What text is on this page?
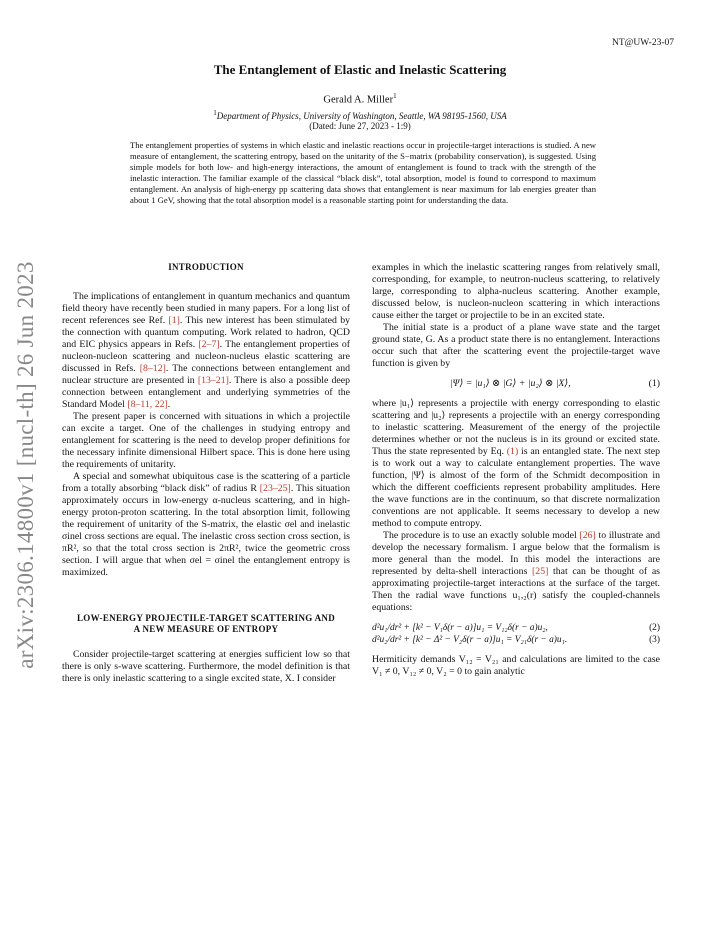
NT@UW-23-07
arXiv:2306.14800v1 [nucl-th] 26 Jun 2023
The Entanglement of Elastic and Inelastic Scattering
Gerald A. Miller$^1$
$^1$Department of Physics, University of Washington, Seattle, WA 98195-1560, USA
(Dated: June 27, 2023 - 1:9)
The entanglement properties of systems in which elastic and inelastic reactions occur in projectile-target interactions is studied. A new measure of entanglement, the scattering entropy, based on the unitarity of the S−matrix (probability conservation), is suggested. Using simple models for both low- and high-energy interactions, the amount of entanglement is found to track with the strength of the inelastic interaction. The familiar example of the classical “black disk”, total absorption, model is found to correspond to maximum entanglement. An analysis of high-energy pp scattering data shows that entanglement is near maximum for lab energies greater than about 1 GeV, showing that the total absorption model is a reasonable starting point for understanding the data.
INTRODUCTION

The implications of entanglement in quantum mechanics and quantum field theory have recently been studied in many papers. For a long list of recent references see Ref. [1]. This new interest has been stimulated by the connection with quantum computing. Work related to hadron, QCD and EIC physics appears in Refs. [2–7]. The entanglement properties of nucleon-nucleon scattering and nucleon-nucleus elastic scattering are discussed in Refs. [8–12]. The connections between entanglement and nuclear structure are presented in [13–21]. There is also a possible deep connection between entanglement and underlying symmetries of the Standard Model [8–11, 22].

The present paper is concerned with situations in which a projectile can excite a target. One of the challenges in studying entropy and entanglement for scattering is the need to develop proper definitions for the necessary infinite dimensional Hilbert space. This is done here using the requirements of unitarity.

A special and somewhat ubiquitous case is the scattering of a particle from a totally absorbing “black disk” of radius R [23–25]. This situation approximately occurs in low-energy α-nucleus scattering, and in high-energy proton-proton scattering. In the total absorption limit, following the requirement of unitarity of the S-matrix, the elastic σel and inelastic σinel cross sections are equal. The inelastic cross section cross section, is πR², so that the total cross section is 2πR², twice the geometric cross section. I will argue that when σel = σinel the entanglement entropy is maximized.

LOW-ENERGY PROJECTILE-TARGET SCATTERING AND A NEW MEASURE OF ENTROPY

Consider projectile-target scattering at energies sufficient low so that there is only s-wave scattering. Furthermore, the model definition is that there is only inelastic scattering to a single excited state, X. I consider

examples in which the inelastic scattering ranges from relatively small, corresponding, for example, to neutron-nucleus scattering, to relatively large, corresponding to alpha-nucleus scattering. Another example, discussed below, is nucleon-nucleon scattering in which interactions cause either the target or projectile to be in an excited state.

The initial state is a product of a plane wave state and the target ground state, G. As a product state there is no entanglement. Interactions occur such that after the scattering event the projectile-target wave function is given by

|Ψ⟩ = |u₁⟩ ⊗ |G⟩ + |u₂⟩ ⊗ |X⟩,	(1)

where |u₁⟩ represents a projectile with energy corresponding to elastic scattering and |u₂⟩ represents a projectile with an energy corresponding to inelastic scattering. Measurement of the energy of the projectile determines whether or not the nucleus is in its ground or excited state. Thus the state represented by Eq. (1) is an entangled state. The next step is to work out a way to calculate entanglement properties. The wave function, |Ψ⟩ is almost of the form of the Schmidt decomposition in which the different coefficients represent probability amplitudes. Here the wave functions are in the continuum, so that discrete normalization conventions are not applicable. It seems necessary to develop a new method to compute entropy.

The procedure is to use an exactly soluble model [26] to illustrate and develop the necessary formalism. I argue below that the formalism is more general than the model. In this model the interactions are represented by delta-shell interactions [25] that can be thought of as approximating projectile-target interactions at the surface of the target. Then the radial wave functions u₁,₂(r) satisfy the coupled-channels equations:

d²u₁/dr² + [k² − V₁δ(r − a)]u₁ = V₁₂δ(r − a)u₂,	(2)
d²u₂/dr² + [k² − Δ² − V₂δ(r − a)]u₁ = V₂₁δ(r − a)u₁.	(3)

Hermiticity demands V₁₂ = V₂₁ and calculations are limited to the case V₁ ≠ 0, V₁₂ ≠ 0, V₂ = 0 to gain analytic
